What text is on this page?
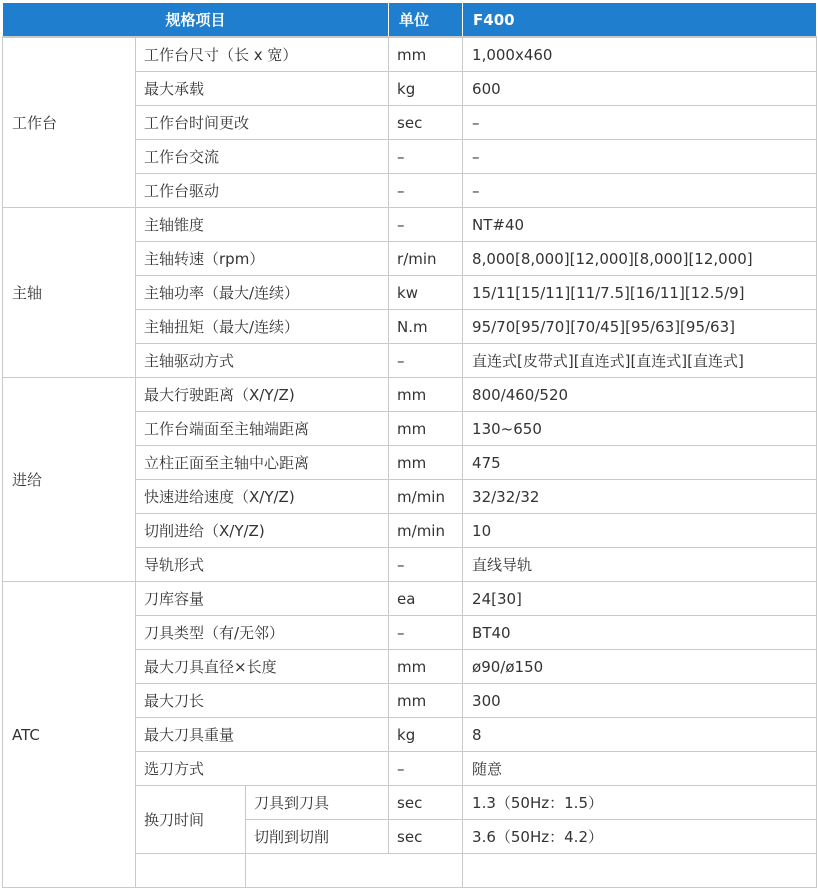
规格项目			单位	F400	
工作台	工作台尺寸（长 x 宽）		mm	1,000x460	
	最大承载		kg	600	
	工作台时间更改		sec	–	
	工作台交流		–	–	
	工作台驱动		–	–	
主轴	主轴锥度		–	NT#40	
	主轴转速（rpm）		r/min	8,000[8,000][12,000][8,000][12,000]	
	主轴功率（最大/连续）		kw	15/11[15/11][11/7.5][16/11][12.5/9]	
	主轴扭矩（最大/连续）		N.m	95/70[95/70][70/45][95/63][95/63]	
	主轴驱动方式		–	直连式[皮带式][直连式][直连式][直连式]	
进给	最大行驶距离（X/Y/Z)		mm	800/460/520	
	工作台端面至主轴端距离		mm	130~650	
	立柱正面至主轴中心距离		mm	475	
	快速进给速度（X/Y/Z)		m/min	32/32/32	
	切削进给（X/Y/Z)		m/min	10	
	导轨形式		–	直线导轨	
ATC	刀库容量		ea	24[30]	
	刀具类型（有/无邻）		–	BT40	
	最大刀具直径×长度		mm	ø90/ø150	
	最大刀长		mm	300	
	最大刀具重量		kg	8	
	选刀方式		–	随意	
	换刀时间	刀具到刀具	sec	1.3（50Hz：1.5）	
		切削到切削	sec	3.6（50Hz：4.2）	
